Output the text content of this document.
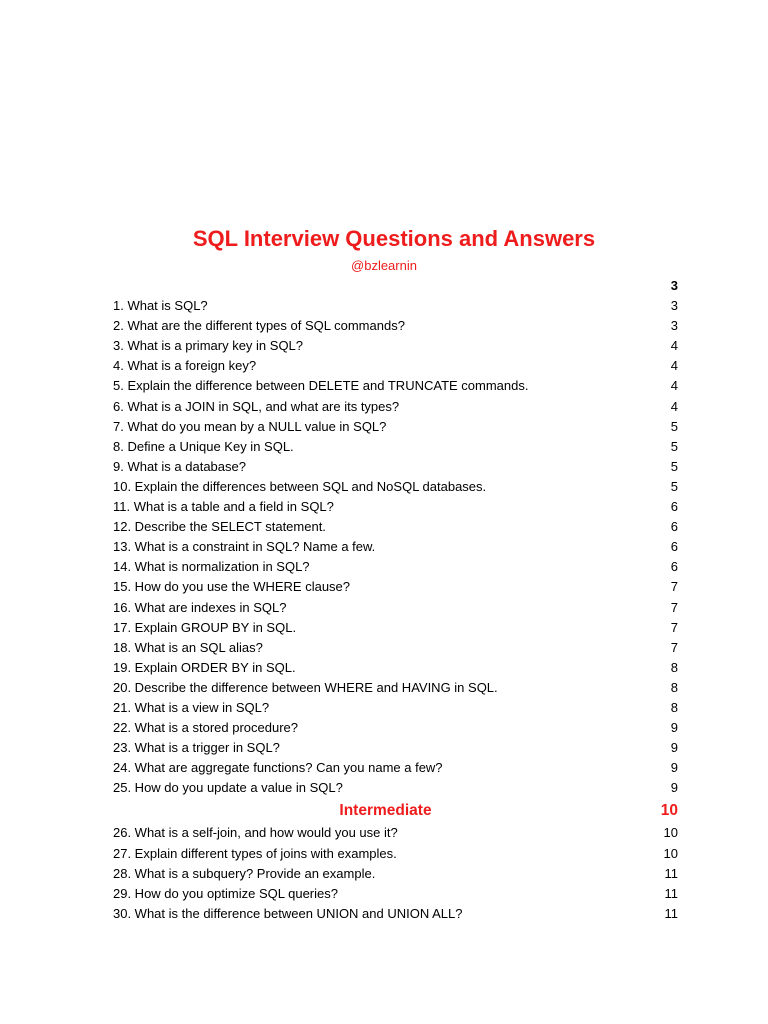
SQL Interview Questions and Answers
@bzlearnin
3
1. What is SQL?	3
2. What are the different types of SQL commands?	3
3. What is a primary key in SQL?	4
4. What is a foreign key?	4
5. Explain the difference between DELETE and TRUNCATE commands.	4
6. What is a JOIN in SQL, and what are its types?	4
7. What do you mean by a NULL value in SQL?	5
8. Define a Unique Key in SQL.	5
9. What is a database?	5
10. Explain the differences between SQL and NoSQL databases.	5
11. What is a table and a field in SQL?	6
12. Describe the SELECT statement.	6
13. What is a constraint in SQL? Name a few.	6
14. What is normalization in SQL?	6
15. How do you use the WHERE clause?	7
16. What are indexes in SQL?	7
17. Explain GROUP BY in SQL.	7
18. What is an SQL alias?	7
19. Explain ORDER BY in SQL.	8
20. Describe the difference between WHERE and HAVING in SQL.	8
21. What is a view in SQL?	8
22. What is a stored procedure?	9
23. What is a trigger in SQL?	9
24. What are aggregate functions? Can you name a few?	9
25. How do you update a value in SQL?	9
Intermediate	10
26. What is a self-join, and how would you use it?	10
27. Explain different types of joins with examples.	10
28. What is a subquery? Provide an example.	11
29. How do you optimize SQL queries?	11
30. What is the difference between UNION and UNION ALL?	11
